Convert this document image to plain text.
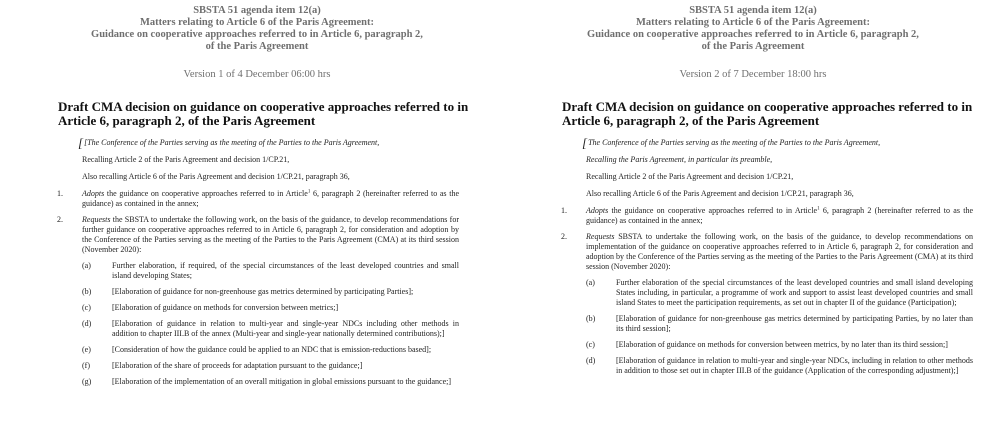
SBSTA 51 agenda item 12(a)
Matters relating to Article 6 of the Paris Agreement:
Guidance on cooperative approaches referred to in Article 6, paragraph 2,
of the Paris Agreement
Version 1 of 4 December 06:00 hrs
Draft CMA decision on guidance on cooperative approaches referred to in Article 6, paragraph 2, of the Paris Agreement
[[The Conference of the Parties serving as the meeting of the Parties to the Paris Agreement,
Recalling Article 2 of the Paris Agreement and decision 1/CP.21,
Also recalling Article 6 of the Paris Agreement and decision 1/CP.21, paragraph 36,
1.	Adopts the guidance on cooperative approaches referred to in Article$^1$ 6, paragraph 2 (hereinafter referred to as the guidance) as contained in the annex;
2.	Requests the SBSTA to undertake the following work, on the basis of the guidance, to develop recommendations for further guidance on cooperative approaches referred to in Article 6, paragraph 2, for consideration and adoption by the Conference of the Parties serving as the meeting of the Parties to the Paris Agreement (CMA) at its third session (November 2020):
(a)	Further elaboration, if required, of the special circumstances of the least developed countries and small island developing States;
(b)	[Elaboration of guidance for non-greenhouse gas metrics determined by participating Parties];
(c)	[Elaboration of guidance on methods for conversion between metrics;]
(d)	[Elaboration of guidance in relation to multi-year and single-year NDCs including other methods in addition to chapter III.B of the annex (Multi-year and single-year nationally determined contributions);]
(e)	[Consideration of how the guidance could be applied to an NDC that is emission-reductions based];
(f)	[Elaboration of the share of proceeds for adaptation pursuant to the guidance;]
(g)	[Elaboration of the implementation of an overall mitigation in global emissions pursuant to the guidance;]
SBSTA 51 agenda item 12(a)
Matters relating to Article 6 of the Paris Agreement:
Guidance on cooperative approaches referred to in Article 6, paragraph 2,
of the Paris Agreement
Version 2 of 7 December 18:00 hrs
Draft CMA decision on guidance on cooperative approaches referred to in Article 6, paragraph 2, of the Paris Agreement
[The Conference of the Parties serving as the meeting of the Parties to the Paris Agreement,
Recalling the Paris Agreement, in particular its preamble,
Recalling Article 2 of the Paris Agreement and decision 1/CP.21,
Also recalling Article 6 of the Paris Agreement and decision 1/CP.21, paragraph 36,
1.	Adopts the guidance on cooperative approaches referred to in Article$^1$ 6, paragraph 2 (hereinafter referred to as the guidance) as contained in the annex;
2.	Requests SBSTA to undertake the following work, on the basis of the guidance, to develop recommendations on implementation of the guidance on cooperative approaches referred to in Article 6, paragraph 2, for consideration and adoption by the Conference of the Parties serving as the meeting of the Parties to the Paris Agreement (CMA) at its third session (November 2020):
(a)	Further elaboration of the special circumstances of the least developed countries and small island developing States including, in particular, a programme of work and support to assist least developed countries and small island States to meet the participation requirements, as set out in chapter II of the guidance (Participation);
(b)	[Elaboration of guidance for non-greenhouse gas metrics determined by participating Parties, by no later than its third session];
(c)	[Elaboration of guidance on methods for conversion between metrics, by no later than its third session;]
(d)	[Elaboration of guidance in relation to multi-year and single-year NDCs, including in relation to other methods in addition to those set out in chapter III.B of the guidance (Application of the corresponding adjustment);]
